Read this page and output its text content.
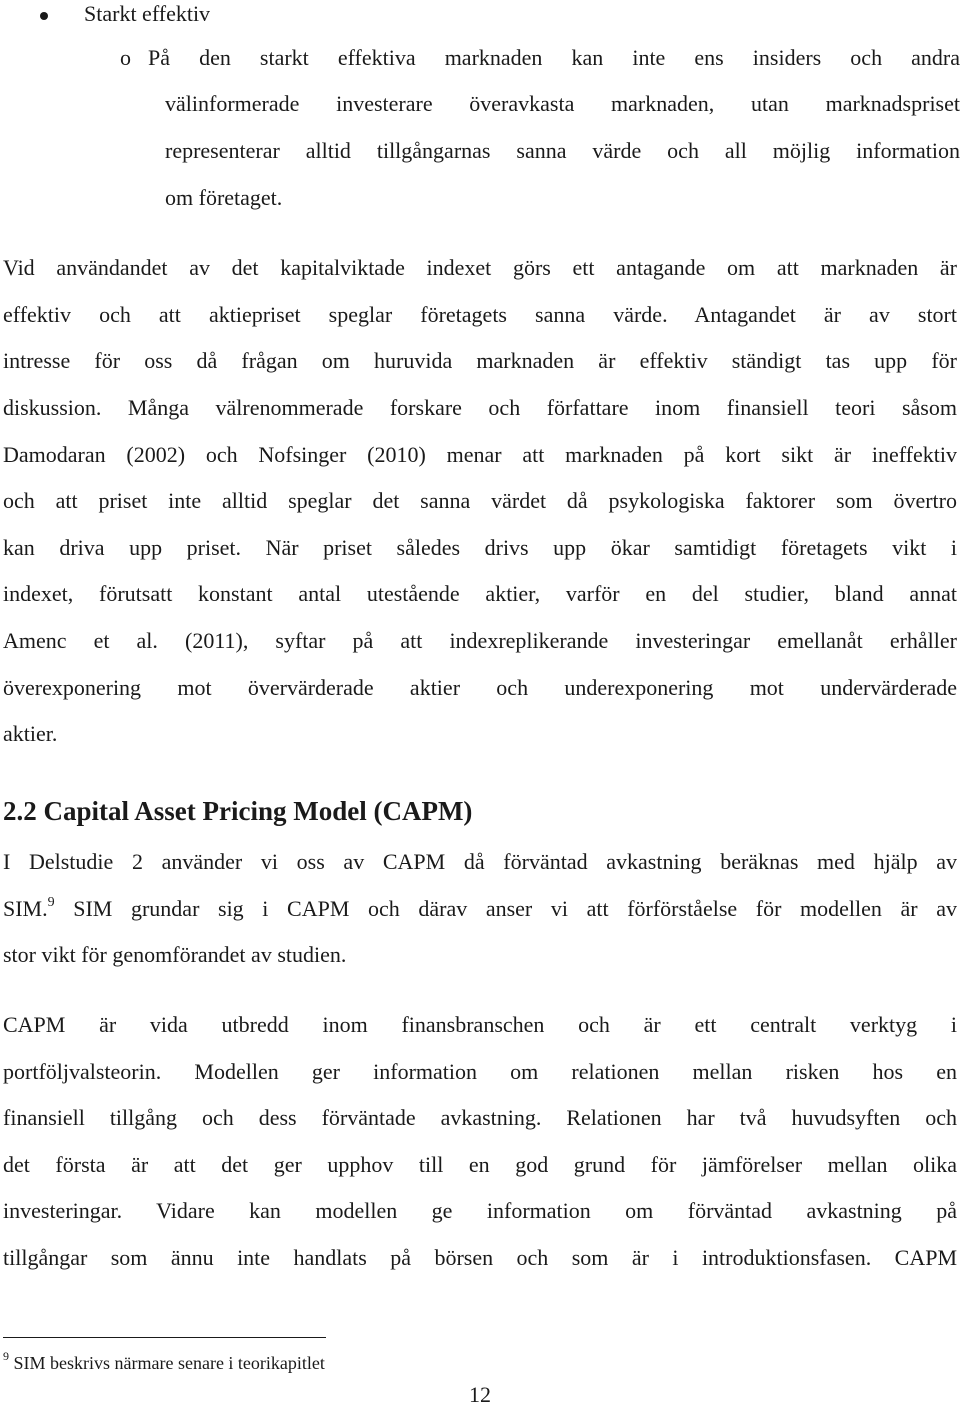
Starkt effektiv
o På den starkt effektiva marknaden kan inte ens insiders och andra
välinformerade investerare överavkasta marknaden, utan marknadspriset
representerar alltid tillgångarnas sanna värde och all möjlig information
om företaget.
Vid användandet av det kapitalviktade indexet görs ett antagande om att marknaden är
effektiv och att aktiepriset speglar företagets sanna värde. Antagandet är av stort
intresse för oss då frågan om huruvida marknaden är effektiv ständigt tas upp för
diskussion. Många välrenommerade forskare och författare inom finansiell teori såsom
Damodaran (2002) och Nofsinger (2010) menar att marknaden på kort sikt är ineffektiv
och att priset inte alltid speglar det sanna värdet då psykologiska faktorer som övertro
kan driva upp priset. När priset således drivs upp ökar samtidigt företagets vikt i
indexet, förutsatt konstant antal utestående aktier, varför en del studier, bland annat
Amenc et al. (2011), syftar på att indexreplikerande investeringar emellanåt erhåller
överexponering mot övervärderade aktier och underexponering mot undervärderade
aktier.
2.2 Capital Asset Pricing Model (CAPM)
I Delstudie 2 använder vi oss av CAPM då förväntad avkastning beräknas med hjälp av
SIM.$^9$ SIM grundar sig i CAPM och därav anser vi att förförståelse för modellen är av
stor vikt för genomförandet av studien.
CAPM är vida utbredd inom finansbranschen och är ett centralt verktyg i
portföljvalsteorin. Modellen ger information om relationen mellan risken hos en
finansiell tillgång och dess förväntade avkastning. Relationen har två huvudsyften och
det första är att det ger upphov till en god grund för jämförelser mellan olika
investeringar. Vidare kan modellen ge information om förväntad avkastning på
tillgångar som ännu inte handlats på börsen och som är i introduktionsfasen. CAPM
$^9$ SIM beskrivs närmare senare i teorikapitlet
12
